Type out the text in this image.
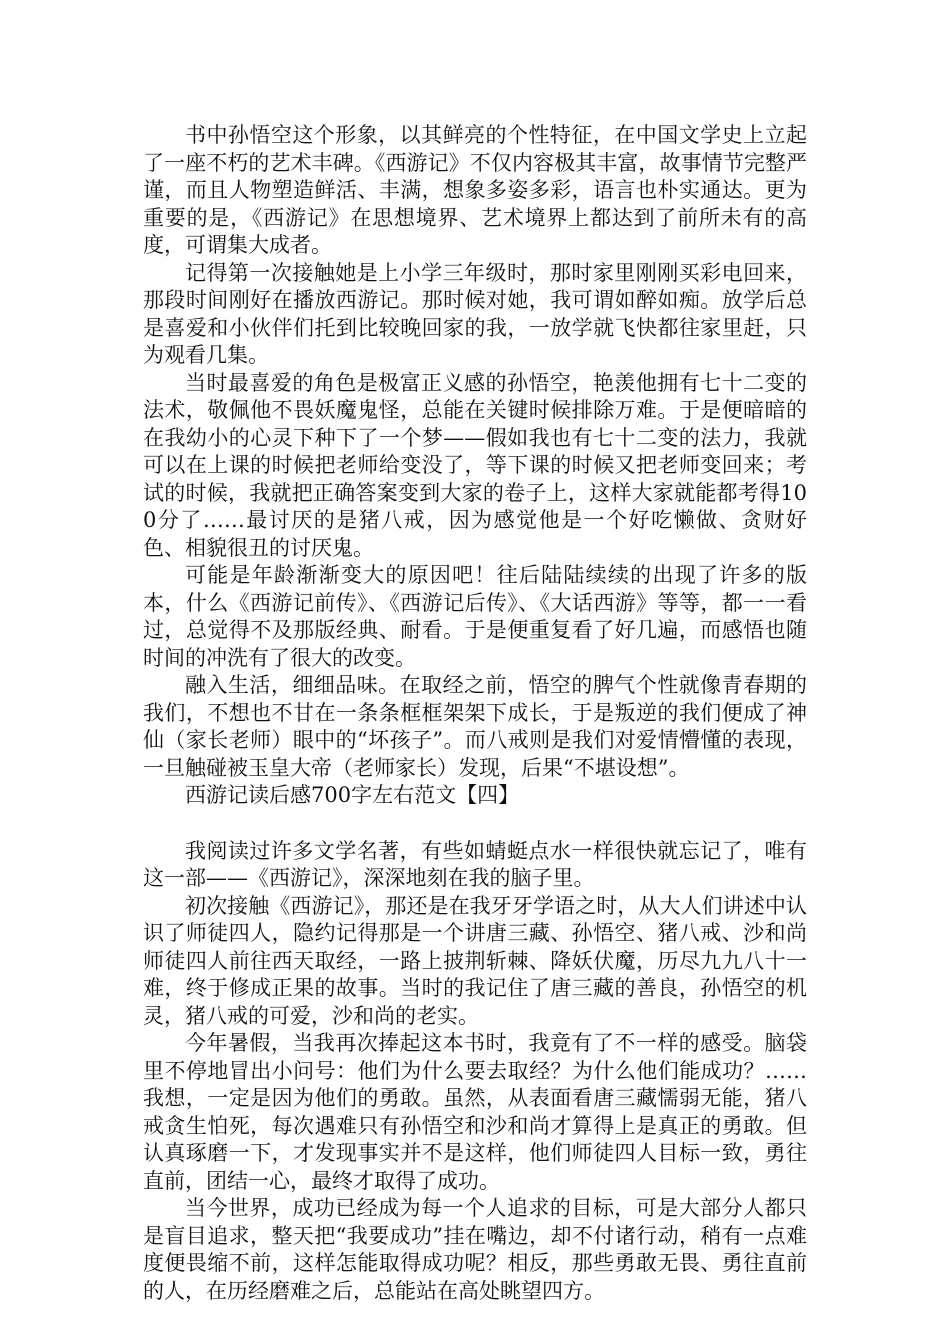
书中孙悟空这个形象，以其鲜亮的个性特征，在中国文学史上立起了一座不朽的艺术丰碑。《西游记》不仅内容极其丰富，故事情节完整严谨，而且人物塑造鲜活、丰满，想象多姿多彩，语言也朴实通达。更为重要的是，《西游记》在思想境界、艺术境界上都达到了前所未有的高度，可谓集大成者。

记得第一次接触她是上小学三年级时，那时家里刚刚买彩电回来，那段时间刚好在播放西游记。那时候对她，我可谓如醉如痴。放学后总是喜爱和小伙伴们托到比较晚回家的我，一放学就飞快都往家里赶，只为观看几集。

当时最喜爱的角色是极富正义感的孙悟空，艳羡他拥有七十二变的法术，敬佩他不畏妖魔鬼怪，总能在关键时候排除万难。于是便暗暗的在我幼小的心灵下种下了一个梦——假如我也有七十二变的法力，我就可以在上课的时候把老师给变没了，等下课的时候又把老师变回来；考试的时候，我就把正确答案变到大家的卷子上，这样大家就能都考得100分了……最讨厌的是猪八戒，因为感觉他是一个好吃懒做、贪财好色、相貌很丑的讨厌鬼。

可能是年龄渐渐变大的原因吧！往后陆陆续续的出现了许多的版本，什么《西游记前传》、《西游记后传》、《大话西游》等等，都一一看过，总觉得不及那版经典、耐看。于是便重复看了好几遍，而感悟也随时间的冲洗有了很大的改变。

融入生活，细细品味。在取经之前，悟空的脾气个性就像青春期的我们，不想也不甘在一条条框框架架下成长，于是叛逆的我们便成了神仙（家长老师）眼中的“坏孩子”。而八戒则是我们对爱情懵懂的表现，一旦触碰被玉皇大帝（老师家长）发现，后果“不堪设想”。

西游记读后感700字左右范文【四】

我阅读过许多文学名著，有些如蜻蜓点水一样很快就忘记了，唯有这一部——《西游记》，深深地刻在我的脑子里。

初次接触《西游记》，那还是在我牙牙学语之时，从大人们讲述中认识了师徒四人，隐约记得那是一个讲唐三藏、孙悟空、猪八戒、沙和尚师徒四人前往西天取经，一路上披荆斩棘、降妖伏魔，历尽九九八十一难，终于修成正果的故事。当时的我记住了唐三藏的善良，孙悟空的机灵，猪八戒的可爱，沙和尚的老实。

今年暑假，当我再次捧起这本书时，我竟有了不一样的感受。脑袋里不停地冒出小问号：他们为什么要去取经？为什么他们能成功？……我想，一定是因为他们的勇敢。虽然，从表面看唐三藏懦弱无能，猪八戒贪生怕死，每次遇难只有孙悟空和沙和尚才算得上是真正的勇敢。但认真琢磨一下，才发现事实并不是这样，他们师徒四人目标一致，勇往直前，团结一心，最终才取得了成功。

当今世界，成功已经成为每一个人追求的目标，可是大部分人都只是盲目追求，整天把“我要成功”挂在嘴边，却不付诸行动，稍有一点难度便畏缩不前，这样怎能取得成功呢？相反，那些勇敢无畏、勇往直前的人，在历经磨难之后，总能站在高处眺望四方。
